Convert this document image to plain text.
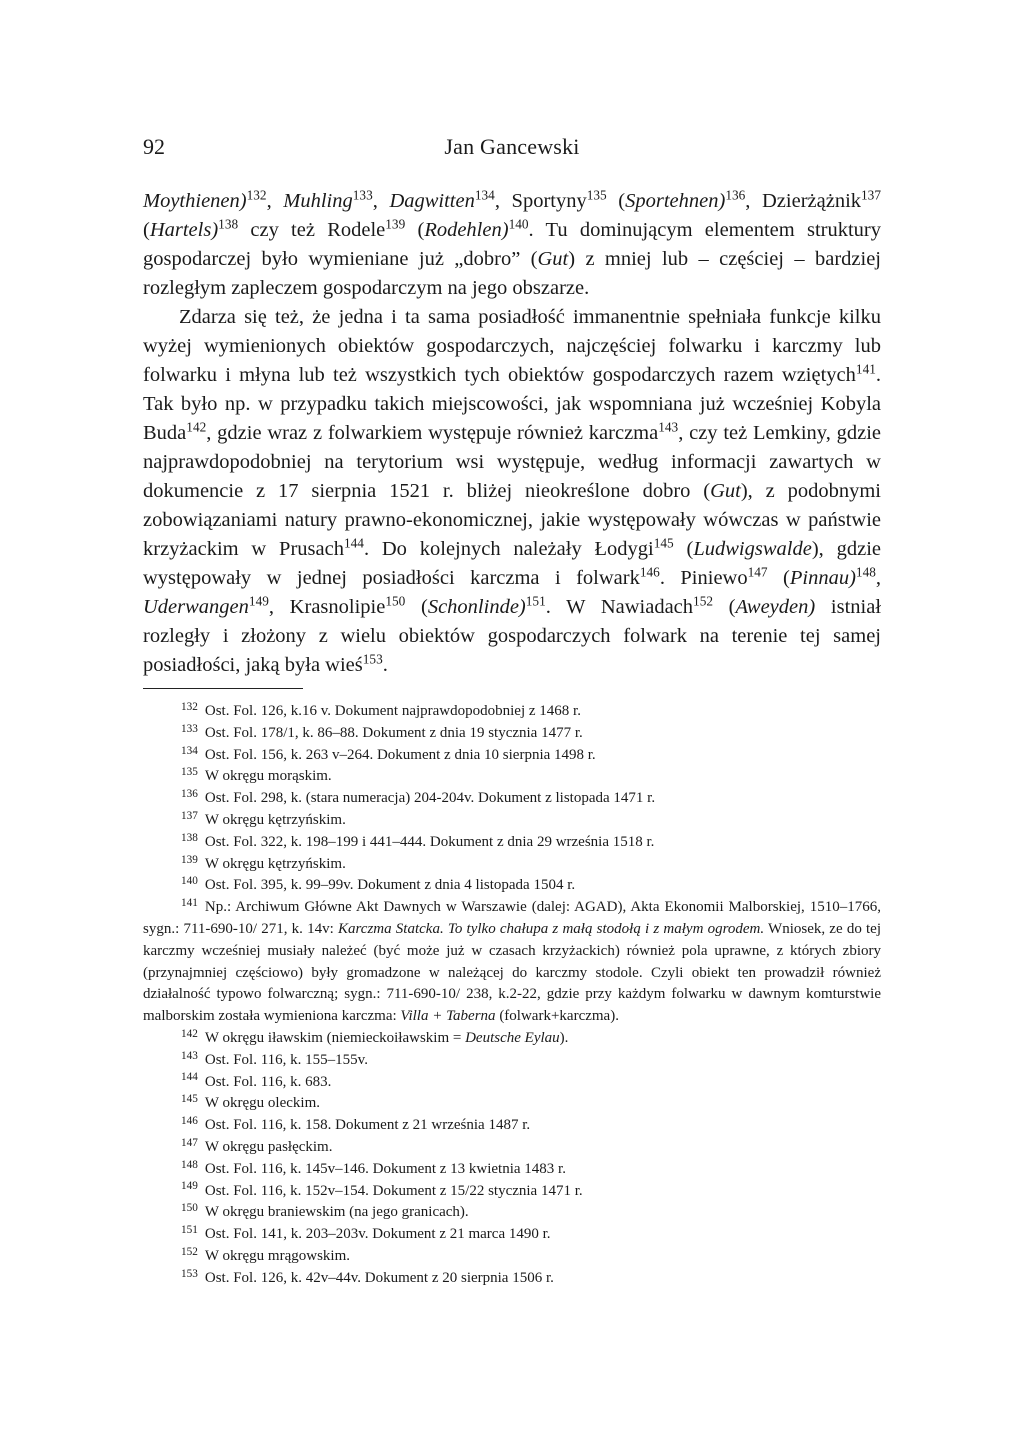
92	Jan Gancewski

Moythienen)$^{132}$, Muhling$^{133}$, Dagwitten$^{134}$, Sportyny$^{135}$ (Sportehnen)$^{136}$, Dzierżążnik$^{137}$ (Hartels)$^{138}$ czy też Rodele$^{139}$ (Rodehlen)$^{140}$. Tu dominującym elementem struktury gospodarczej było wymieniane już „dobro” (Gut) z mniej lub – częściej – bardziej rozległym zapleczem gospodarczym na jego obszarze.

Zdarza się też, że jedna i ta sama posiadłość immanentnie spełniała funkcje kilku wyżej wymienionych obiektów gospodarczych, najczęściej folwarku i karczmy lub folwarku i młyna lub też wszystkich tych obiektów gospodarczych razem wziętych$^{141}$. Tak było np. w przypadku takich miejscowości, jak wspomniana już wcześniej Kobyla Buda$^{142}$, gdzie wraz z folwarkiem występuje również karczma$^{143}$, czy też Lemkiny, gdzie najprawdopodobniej na terytorium wsi występuje, według informacji zawartych w dokumencie z 17 sierpnia 1521 r. bliżej nieokreślone dobro (Gut), z podobnymi zobowiązaniami natury prawno-ekonomicznej, jakie występowały wówczas w państwie krzyżackim w Prusach$^{144}$. Do kolejnych należały Łodygi$^{145}$ (Ludwigswalde), gdzie występowały w jednej posiadłości karczma i folwark$^{146}$. Piniewo$^{147}$ (Pinnau)$^{148}$, Uderwangen$^{149}$, Krasnolipie$^{150}$ (Schonlinde)$^{151}$. W Nawiadach$^{152}$ (Aweyden) istniał rozległy i złożony z wielu obiektów gospodarczych folwark na terenie tej samej posiadłości, jaką była wieś$^{153}$.

$^{132}$ Ost. Fol. 126, k.16 v. Dokument najprawdopodobniej z 1468 r.

$^{133}$ Ost. Fol. 178/1, k. 86–88. Dokument z dnia 19 stycznia 1477 r.

$^{134}$ Ost. Fol. 156, k. 263 v–264. Dokument z dnia 10 sierpnia 1498 r.

$^{135}$ W okręgu morąskim.

$^{136}$ Ost. Fol. 298, k. (stara numeracja) 204-204v. Dokument z listopada 1471 r.

$^{137}$ W okręgu kętrzyńskim.

$^{138}$ Ost. Fol. 322, k. 198–199 i 441–444. Dokument z dnia 29 września 1518 r.

$^{139}$ W okręgu kętrzyńskim.

$^{140}$ Ost. Fol. 395, k. 99–99v. Dokument z dnia 4 listopada 1504 r.

$^{141}$ Np.: Archiwum Główne Akt Dawnych w Warszawie (dalej: AGAD), Akta Ekonomii Malborskiej, 1510–1766, sygn.: 711-690-10/ 271, k. 14v: Karczma Statcka. To tylko chałupa z małą stodołą i z małym ogrodem. Wniosek, ze do tej karczmy wcześniej musiały należeć (być może już w czasach krzyżackich) również pola uprawne, z których zbiory (przynajmniej częściowo) były gromadzone w należącej do karczmy stodole. Czyli obiekt ten prowadził również działalność typowo folwarczną; sygn.: 711-690-10/ 238, k.2-22, gdzie przy każdym folwarku w dawnym komturstwie malborskim została wymieniona karczma: Villa + Taberna (folwark+karczma).

$^{142}$ W okręgu iławskim (niemieckoiławskim = Deutsche Eylau).

$^{143}$ Ost. Fol. 116, k. 155–155v.

$^{144}$ Ost. Fol. 116, k. 683.

$^{145}$ W okręgu oleckim.

$^{146}$ Ost. Fol. 116, k. 158. Dokument z 21 września 1487 r.

$^{147}$ W okręgu pasłęckim.

$^{148}$ Ost. Fol. 116, k. 145v–146. Dokument z 13 kwietnia 1483 r.

$^{149}$ Ost. Fol. 116, k. 152v–154. Dokument z 15/22 stycznia 1471 r.

$^{150}$ W okręgu braniewskim (na jego granicach).

$^{151}$ Ost. Fol. 141, k. 203–203v. Dokument z 21 marca 1490 r.

$^{152}$ W okręgu mrągowskim.

$^{153}$ Ost. Fol. 126, k. 42v–44v. Dokument z 20 sierpnia 1506 r.
